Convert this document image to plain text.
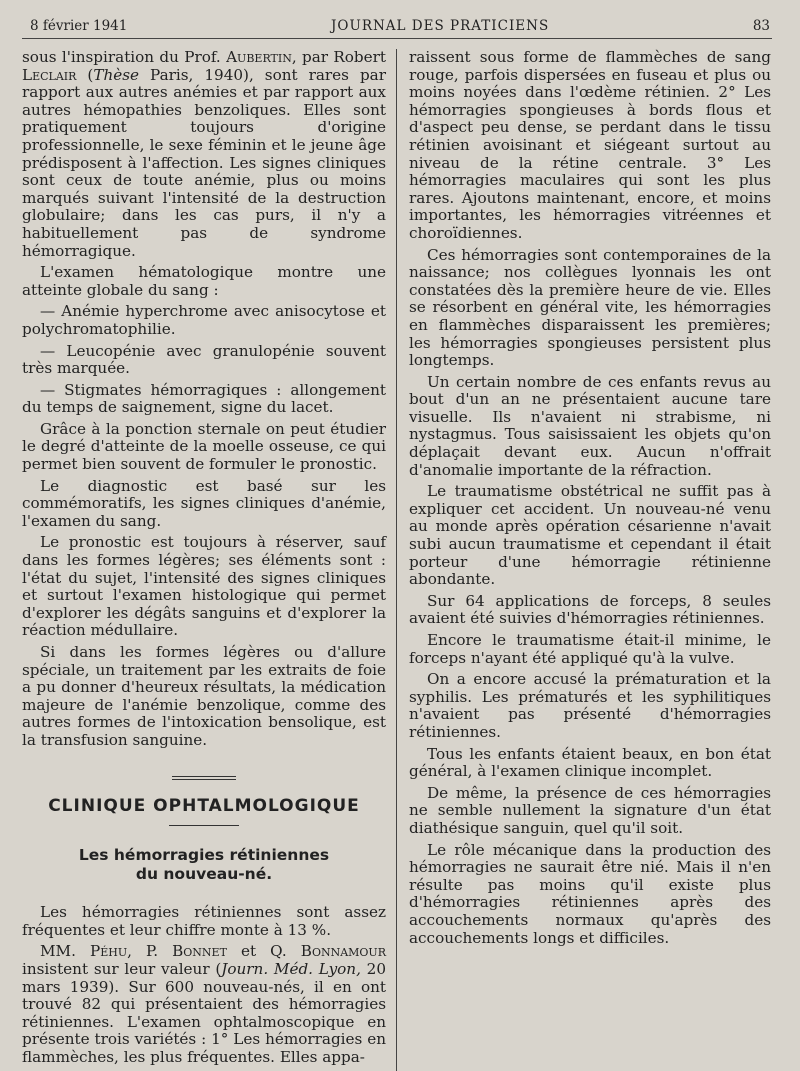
8 février 1941	JOURNAL DES PRATICIENS	83

sous l'inspiration du Prof. Aubertin, par Robert Leclair (Thèse Paris, 1940), sont rares par rapport aux autres anémies et par rapport aux autres hémopathies benzoliques. Elles sont pratiquement toujours d'origine professionnelle, le sexe féminin et le jeune âge prédisposent à l'affection. Les signes cliniques sont ceux de toute anémie, plus ou moins marqués suivant l'intensité de la destruction globulaire; dans les cas purs, il n'y a habituellement pas de syndrome hémorragique.

L'examen hématologique montre une atteinte globale du sang :

— Anémie hyperchrome avec anisocytose et polychromatophilie.

— Leucopénie avec granulopénie souvent très marquée.

— Stigmates hémorragiques : allongement du temps de saignement, signe du lacet.

Grâce à la ponction sternale on peut étudier le degré d'atteinte de la moelle osseuse, ce qui permet bien souvent de formuler le pronostic.

Le diagnostic est basé sur les commémoratifs, les signes cliniques d'anémie, l'examen du sang.

Le pronostic est toujours à réserver, sauf dans les formes légères; ses éléments sont : l'état du sujet, l'intensité des signes cliniques et surtout l'examen histologique qui permet d'explorer les dégâts sanguins et d'explorer la réaction médullaire.

Si dans les formes légères ou d'allure spéciale, un traitement par les extraits de foie a pu donner d'heureux résultats, la médication majeure de l'anémie benzolique, comme des autres formes de l'intoxication bensolique, est la transfusion sanguine.

CLINIQUE OPHTALMOLOGIQUE
Les hémorragies rétiniennes
du nouveau-né.

Les hémorragies rétiniennes sont assez fréquentes et leur chiffre monte à 13 %.

MM. Péhu, P. Bonnet et Q. Bonnamour insistent sur leur valeur (Journ. Méd. Lyon, 20 mars 1939). Sur 600 nouveau-nés, il en ont trouvé 82 qui présentaient des hémorragies rétiniennes. L'examen ophtalmoscopique en présente trois variétés : 1° Les hémorragies en flammèches, les plus fréquentes. Elles appa-

raissent sous forme de flammèches de sang rouge, parfois dispersées en fuseau et plus ou moins noyées dans l'œdème rétinien. 2° Les hémorragies spongieuses à bords flous et d'aspect peu dense, se perdant dans le tissu rétinien avoisinant et siégeant surtout au niveau de la rétine centrale. 3° Les hémorragies maculaires qui sont les plus rares. Ajoutons maintenant, encore, et moins importantes, les hémorragies vitréennes et choroïdiennes.

Ces hémorragies sont contemporaines de la naissance; nos collègues lyonnais les ont constatées dès la première heure de vie. Elles se résorbent en général vite, les hémorragies en flammèches disparaissent les premières; les hémorragies spongieuses persistent plus longtemps.

Un certain nombre de ces enfants revus au bout d'un an ne présentaient aucune tare visuelle. Ils n'avaient ni strabisme, ni nystagmus. Tous saisissaient les objets qu'on déplaçait devant eux. Aucun n'offrait d'anomalie importante de la réfraction.

Le traumatisme obstétrical ne suffit pas à expliquer cet accident. Un nouveau-né venu au monde après opération césarienne n'avait subi aucun traumatisme et cependant il était porteur d'une hémorragie rétinienne abondante.

Sur 64 applications de forceps, 8 seules avaient été suivies d'hémorragies rétiniennes.

Encore le traumatisme était-il minime, le forceps n'ayant été appliqué qu'à la vulve.

On a encore accusé la prématuration et la syphilis. Les prématurés et les syphilitiques n'avaient pas présenté d'hémorragies rétiniennes.

Tous les enfants étaient beaux, en bon état général, à l'examen clinique incomplet.

De même, la présence de ces hémorragies ne semble nullement la signature d'un état diathésique sanguin, quel qu'il soit.

Le rôle mécanique dans la production des hémorragies ne saurait être nié. Mais il n'en résulte pas moins qu'il existe plus d'hémorragies rétiniennes après des accouchements normaux qu'après des accouchements longs et difficiles.
